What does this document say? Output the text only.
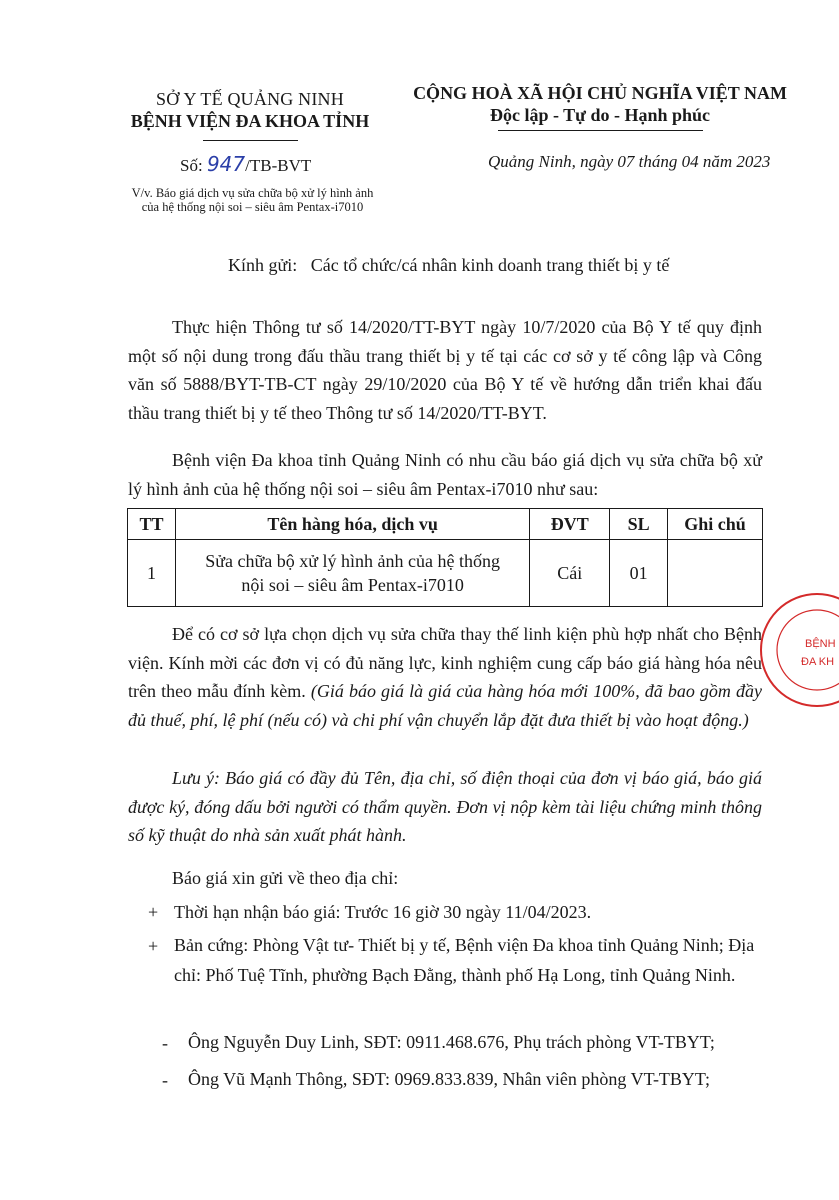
SỞ Y TẾ QUẢNG NINH
BỆNH VIỆN ĐA KHOA TỈNH
CỘNG HOÀ XÃ HỘI CHỦ NGHĨA VIỆT NAM
Độc lập - Tự do - Hạnh phúc
Số: 947/TB-BVT	Quảng Ninh, ngày 07 tháng 04 năm 2023
V/v. Báo giá dịch vụ sửa chữa bộ xử lý hình ảnh
của hệ thống nội soi – siêu âm Pentax-i7010
Kính gửi:   Các tổ chức/cá nhân kinh doanh trang thiết bị y tế
Thực hiện Thông tư số 14/2020/TT-BYT ngày 10/7/2020 của Bộ Y tế quy định một số nội dung trong đấu thầu trang thiết bị y tế tại các cơ sở y tế công lập và Công văn số 5888/BYT-TB-CT ngày 29/10/2020 của Bộ Y tế về hướng dẫn triển khai đấu thầu trang thiết bị y tế theo Thông tư số 14/2020/TT-BYT.
Bệnh viện Đa khoa tỉnh Quảng Ninh có nhu cầu báo giá dịch vụ sửa chữa bộ xử lý hình ảnh của hệ thống nội soi – siêu âm Pentax-i7010 như sau:
TT	Tên hàng hóa, dịch vụ	ĐVT	SL	Ghi chú
1	Sửa chữa bộ xử lý hình ảnh của hệ thống
nội soi – siêu âm Pentax-i7010	Cái	01	
Để có cơ sở lựa chọn dịch vụ sửa chữa thay thế linh kiện phù hợp nhất cho Bệnh viện. Kính mời các đơn vị có đủ năng lực, kinh nghiệm cung cấp báo giá hàng hóa nêu trên theo mẫu đính kèm. (Giá báo giá là giá của hàng hóa mới 100%, đã bao gồm đầy đủ thuế, phí, lệ phí (nếu có) và chi phí vận chuyển lắp đặt đưa thiết bị vào hoạt động.)
Lưu ý: Báo giá có đầy đủ Tên, địa chỉ, số điện thoại của đơn vị báo giá, báo giá được ký, đóng dấu bởi người có thẩm quyền. Đơn vị nộp kèm tài liệu chứng minh thông số kỹ thuật do nhà sản xuất phát hành.
Báo giá xin gửi về theo địa chỉ:
+ Thời hạn nhận báo giá: Trước 16 giờ 30 ngày 11/04/2023.
+ Bản cứng: Phòng Vật tư- Thiết bị y tế, Bệnh viện Đa khoa tỉnh Quảng Ninh; Địa chỉ: Phố Tuệ Tĩnh, phường Bạch Đằng, thành phố Hạ Long, tỉnh Quảng Ninh.
- Ông Nguyễn Duy Linh, SĐT: 0911.468.676, Phụ trách phòng VT-TBYT;
- Ông Vũ Mạnh Thông, SĐT: 0969.833.839, Nhân viên phòng VT-TBYT;
BỆNH
ĐA KH
